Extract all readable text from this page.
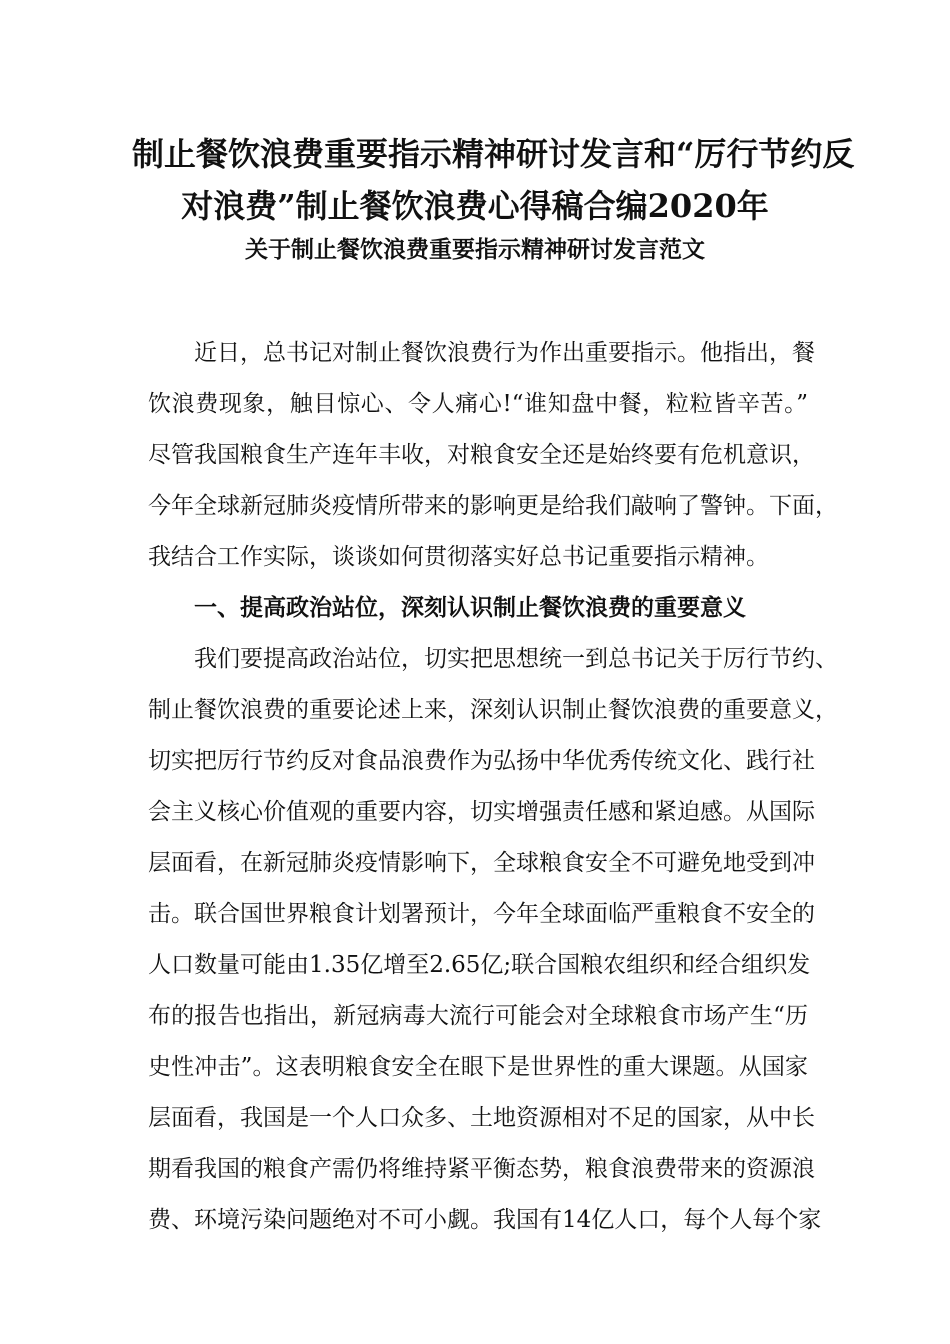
制止餐饮浪费重要指示精神研讨发言和“厉行节约反
对浪费”制止餐饮浪费心得稿合编2020年
关于制止餐饮浪费重要指示精神研讨发言范文
近日，总书记对制止餐饮浪费行为作出重要指示。他指出，餐
饮浪费现象，触目惊心、令人痛心!“谁知盘中餐，粒粒皆辛苦。”
尽管我国粮食生产连年丰收，对粮食安全还是始终要有危机意识，
今年全球新冠肺炎疫情所带来的影响更是给我们敲响了警钟。下面，
我结合工作实际，谈谈如何贯彻落实好总书记重要指示精神。
一、提高政治站位，深刻认识制止餐饮浪费的重要意义
我们要提高政治站位，切实把思想统一到总书记关于厉行节约、
制止餐饮浪费的重要论述上来，深刻认识制止餐饮浪费的重要意义，
切实把厉行节约反对食品浪费作为弘扬中华优秀传统文化、践行社
会主义核心价值观的重要内容，切实增强责任感和紧迫感。从国际
层面看，在新冠肺炎疫情影响下，全球粮食安全不可避免地受到冲
击。联合国世界粮食计划署预计，今年全球面临严重粮食不安全的
人口数量可能由1.35亿增至2.65亿;联合国粮农组织和经合组织发
布的报告也指出，新冠病毒大流行可能会对全球粮食市场产生“历
史性冲击”。这表明粮食安全在眼下是世界性的重大课题。从国家
层面看，我国是一个人口众多、土地资源相对不足的国家，从中长
期看我国的粮食产需仍将维持紧平衡态势，粮食浪费带来的资源浪
费、环境污染问题绝对不可小觑。我国有14亿人口，每个人每个家
